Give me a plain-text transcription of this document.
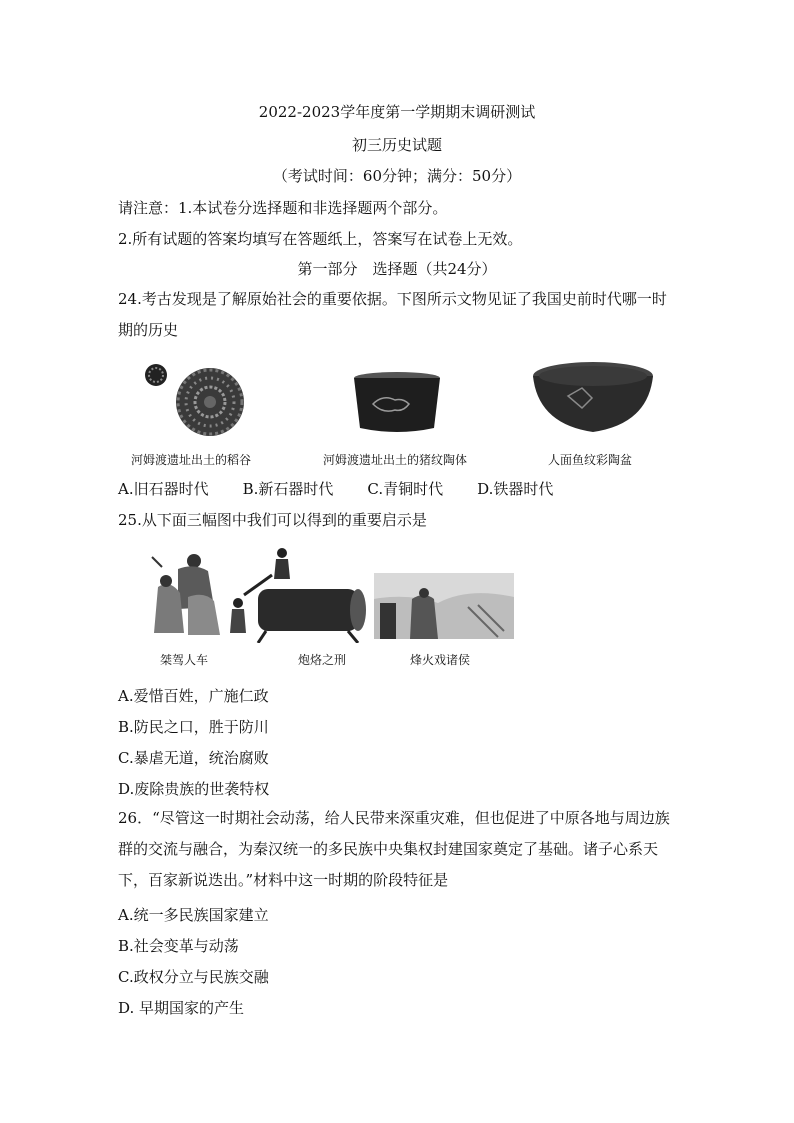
2022-2023学年度第一学期期末调研测试
初三历史试题
（考试时间：60分钟；满分：50分）
请注意：1.本试卷分选择题和非选择题两个部分。
2.所有试题的答案均填写在答题纸上，答案写在试卷上无效。
第一部分　选择题（共24分）
24.考古发现是了解原始社会的重要依据。下图所示文物见证了我国史前时代哪一时期的历史
河姆渡遗址出土的稻谷	河姆渡遗址出土的猪纹陶体	人面鱼纹彩陶盆
A.旧石器时代 B.新石器时代 C.青铜时代 D.铁器时代
25.从下面三幅图中我们可以得到的重要启示是
桀驾人车	炮烙之刑	烽火戏诸侯
A.爱惜百姓，广施仁政
B.防民之口，胜于防川
C.暴虐无道，统治腐败
D.废除贵族的世袭特权
26．“尽管这一时期社会动荡，给人民带来深重灾难，但也促进了中原各地与周边族群的交流与融合，为秦汉统一的多民族中央集权封建国家奠定了基础。诸子心系天下，百家新说迭出。”材料中这一时期的阶段特征是
A.统一多民族国家建立
B.社会变革与动荡
C.政权分立与民族交融
D. 早期国家的产生
